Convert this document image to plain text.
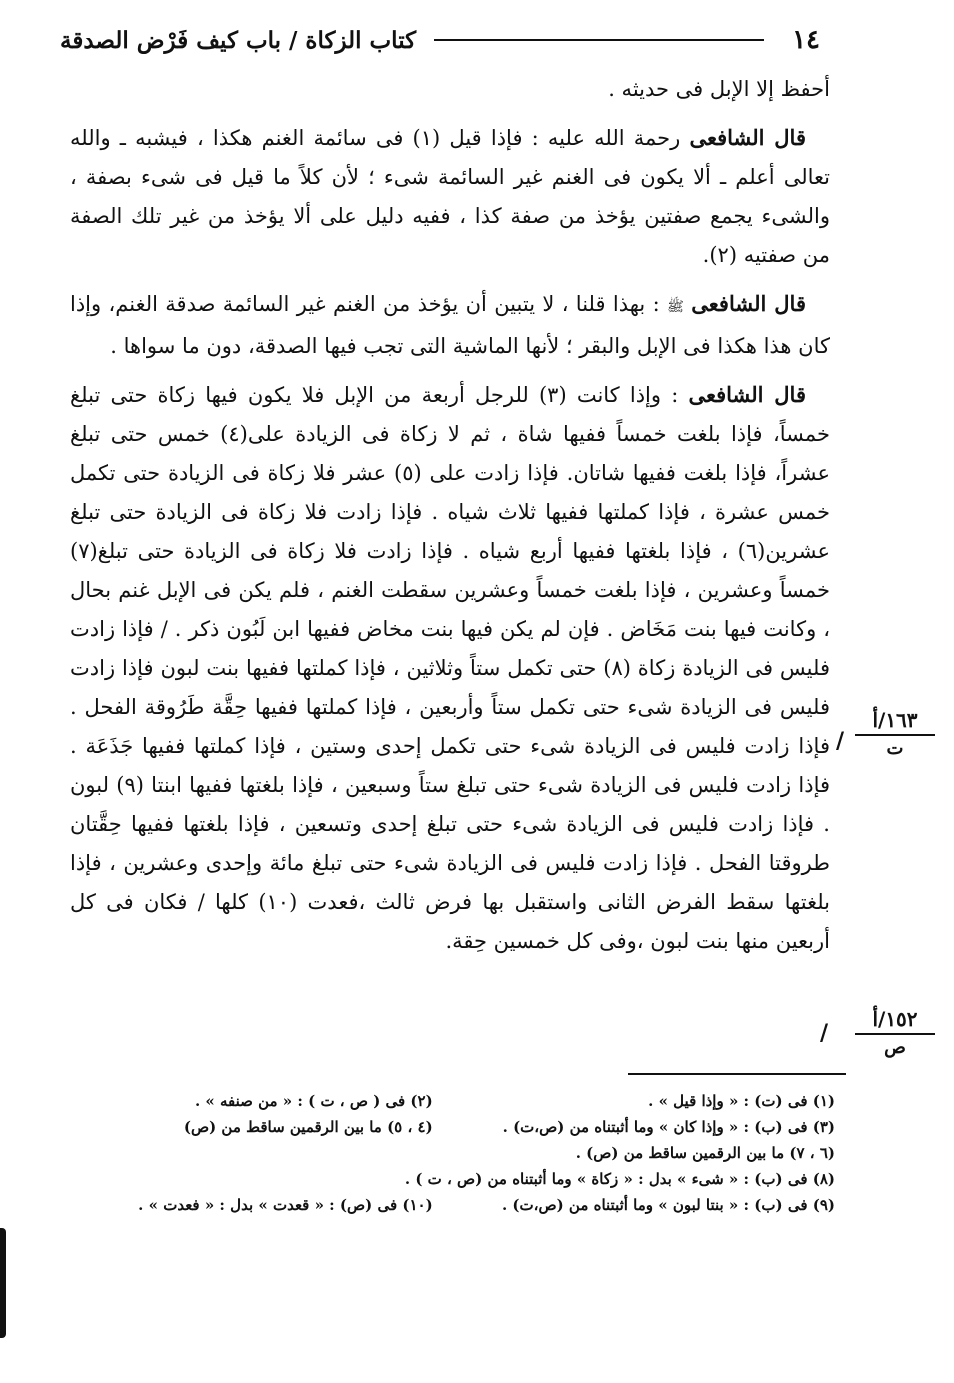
١٤
كتاب الزكاة / باب كيف فَرْض الصدقة

أحفظ إلا الإبل فى حديثه .

قال الشافعى رحمة الله عليه : فإذا قيل (١) فى سائمة الغنم هكذا ، فيشبه ـ والله تعالى أعلم ـ ألا يكون فى الغنم غير السائمة شىء ؛ لأن كلاً ما قيل فى شىء بصفة ، والشىء يجمع صفتين يؤخذ من صفة كذا ، ففيه دليل على ألا يؤخذ من غير تلك الصفة من صفتيه (٢).

قال الشافعى ﷺ : بهذا قلنا ، لا يتبين أن يؤخذ من الغنم غير السائمة صدقة الغنم، وإذا كان هذا هكذا فى الإبل والبقر ؛ لأنها الماشية التى تجب فيها الصدقة، دون ما سواها .

قال الشافعى : وإذا كانت (٣) للرجل أربعة من الإبل فلا يكون فيها زكاة حتى تبلغ خمساً، فإذا بلغت خمساً ففيها شاة ، ثم لا زكاة فى الزيادة على(٤) خمس حتى تبلغ عشراً، فإذا بلغت ففيها شاتان. فإذا زادت على (٥) عشر فلا زكاة فى الزيادة حتى تكمل خمس عشرة ، فإذا كملتها ففيها ثلاث شياه . فإذا زادت فلا زكاة فى الزيادة حتى تبلغ عشرين(٦) ، فإذا بلغتها ففيها أربع شياه . فإذا زادت فلا زكاة فى الزيادة حتى تبلغ(٧) خمساً وعشرين ، فإذا بلغت خمساً وعشرين سقطت الغنم ، فلم يكن فى الإبل غنم بحال ، وكانت فيها بنت مَخَاض . فإن لم يكن فيها بنت مخاض ففيها ابن لَبُون ذكر . / فإذا زادت فليس فى الزيادة زكاة (٨) حتى تكمل ستاً وثلاثين ، فإذا كملتها ففيها بنت لبون فإذا زادت فليس فى الزيادة شىء حتى تكمل ستاً وأربعين ، فإذا كملتها ففيها حِقَّة طَرُوقة الفحل . فإذا زادت فليس فى الزيادة شىء حتى تكمل إحدى وستين ، فإذا كملتها ففيها جَذَعَة . فإذا زادت فليس فى الزيادة شىء حتى تبلغ ستاً وسبعين ، فإذا بلغتها ففيها ابنتا (٩) لبون . فإذا زادت فليس فى الزيادة شىء حتى تبلغ إحدى وتسعين ، فإذا بلغتها ففيها حِقَّتان طروقتا الفحل . فإذا زادت فليس فى الزيادة شىء حتى تبلغ مائة وإحدى وعشرين ، فإذا بلغتها سقط الفرض الثانى واستقبل بها فرض ثالث ،فعدت (١٠) كلها / فكان فى كل أربعين منها بنت لبون ،وفى كل خمسين حِقة.

/
١٦٣/أ
ت
/
١٥٢/أ
ص
(١) فى (ت) : « وإذا قيل » .
(٢) فى ( ص ، ت ) : « من صنفه » .
(٣) فى (ب) : « وإذا كان » وما أثبتناه من (ص،ت) .
(٤ ، ٥) ما بين الرقمين ساقط من (ص)
(٦ ، ٧) ما بين الرقمين ساقط من (ص) .
(٨) فى (ب) : « شىء » بدل : « زكاة » وما أثبتناه من (ص ، ت ) .
(٩) فى (ب) : « بنتا لبون » وما أثبتناه من (ص،ت) .
(١٠) فى (ص) : « قعدت » بدل : « فعدت » .
